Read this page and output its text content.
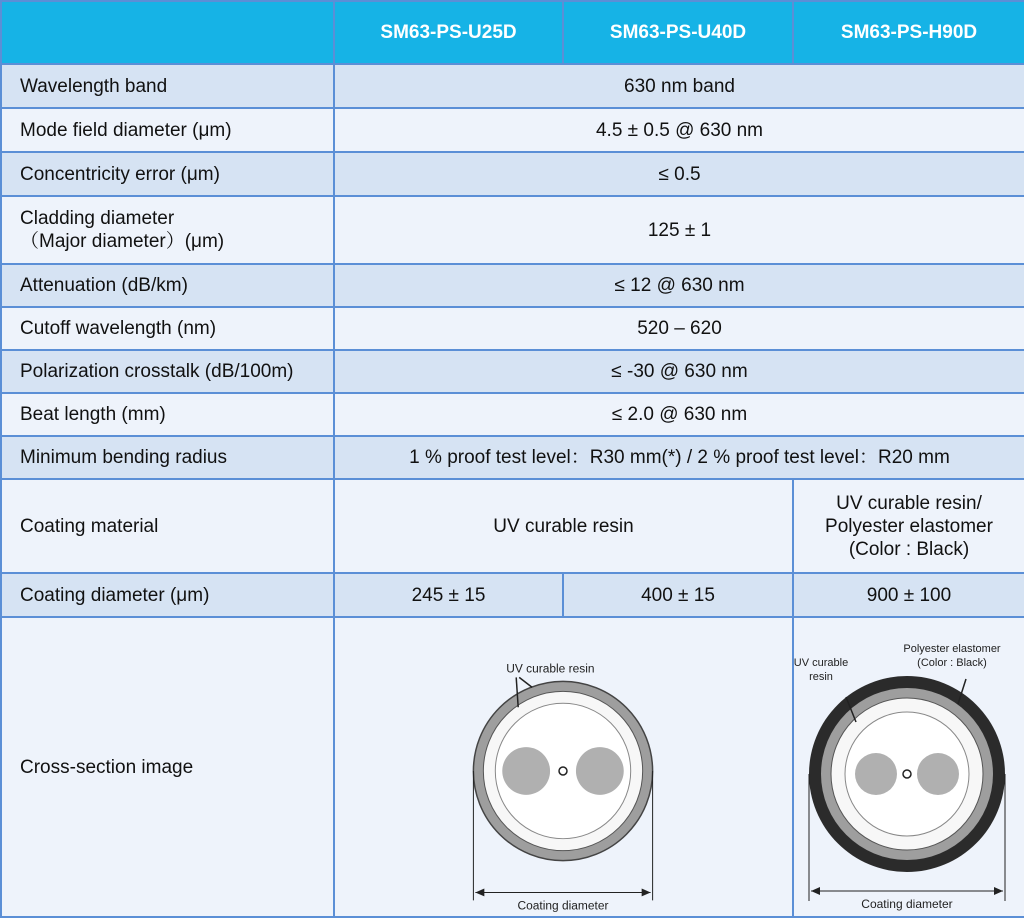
	SM63-PS-U25D	SM63-PS-U40D	SM63-PS-H90D
Wavelength band	630 nm band		
Mode field diameter (μm)	4.5 ± 0.5 @ 630 nm		
Concentricity error (μm)	≤ 0.5		

Cladding diameter
（Major diameter）(μm)	125 ± 1		
Attenuation (dB/km)	≤ 12 @ 630 nm		
Cutoff wavelength (nm)	520 – 620		
Polarization crosstalk (dB/100m)	≤ -30 @ 630 nm		
Beat length (mm)	≤ 2.0 @ 630 nm		
Minimum bending radius	1 % proof test level：R30 mm(*) / 2 % proof test level：R20 mm		
Coating material	UV curable resin		UV curable resin/
Polyester elastomer
(Color : Black)

Coating diameter (μm)	245 ± 15	400 ± 15	900 ± 100
Cross-section image	UV curable resin
Coating diameter		UV curable
resin
Polyester elastomer
(Color : Black)
Coating diameter
